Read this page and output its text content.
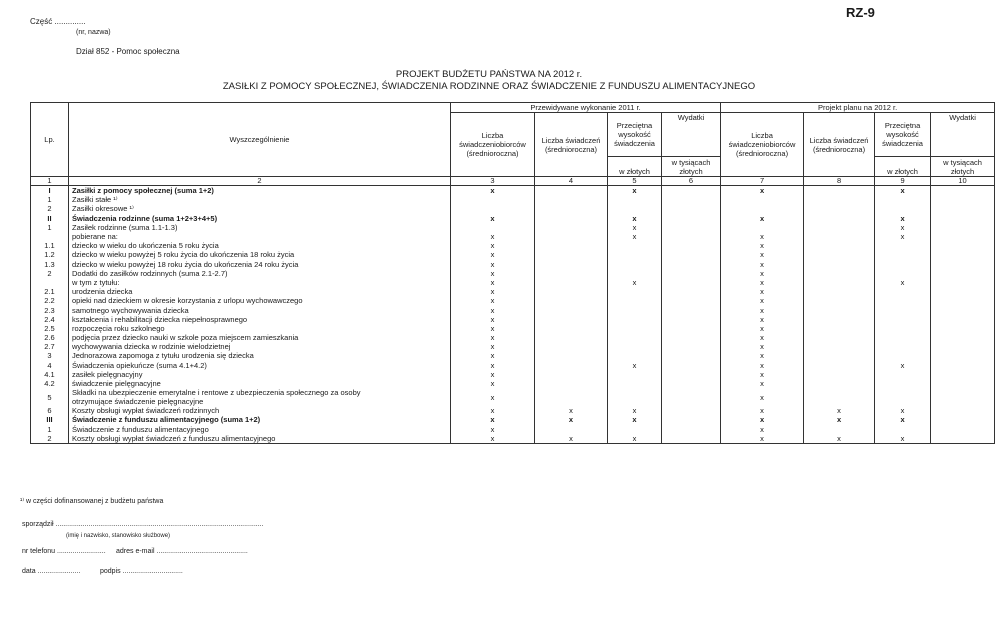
RZ-9
Część ..............
(nr, nazwa)
Dział 852 - Pomoc społeczna
PROJEKT BUDŻETU PAŃSTWA NA 2012 r.
ZASIŁKI Z POMOCY SPOŁECZNEJ, ŚWIADCZENIA RODZINNE ORAZ ŚWIADCZENIE Z FUNDUSZU ALIMENTACYJNEGO
Lp.	Wyszczególnienie	Przewidywane wykonanie 2011 r.				Projekt planu na 2012 r.			
		Liczba świadczeniobiorców (średnioroczna)	Liczba świadczeń (średnioroczna)	Przeciętna wysokość świadczenia	Wydatki	Liczba świadczeniobiorców (średnioroczna)	Liczba świadczeń (średnioroczna)	Przeciętna wysokość świadczenia	Wydatki
				w złotych	w tysiącach złotych			w złotych	w tysiącach złotych
1	2	3	4	5	6	7	8	9	10
I	Zasiłki z pomocy społecznej (suma 1+2)	x		x		x		x	
1	Zasiłki stałe ¹⁾								
2	Zasiłki okresowe ¹⁾								
II	Świadczenia rodzinne (suma 1+2+3+4+5)	x		x		x		x	
1	Zasiłek rodzinne (suma 1.1-1.3)			x				x	
	pobierane na:	x		x		x		x	
1.1	dziecko w wieku do ukończenia 5 roku życia	x				x			
1.2	dziecko w wieku powyżej 5 roku życia do ukończenia 18 roku życia	x				x			
1.3	dziecko w wieku powyżej 18 roku życia do ukończenia 24 roku życia	x				x			
2	Dodatki do zasiłków rodzinnych (suma 2.1-2.7)	x				x			
	w tym z tytułu:	x		x		x		x	
2.1	urodzenia dziecka	x				x			
2.2	opieki nad dzieckiem w okresie korzystania z urlopu wychowawczego	x				x			
2.3	samotnego wychowywania dziecka	x				x			
2.4	kształcenia i rehabilitacji dziecka niepełnosprawnego	x				x			
2.5	rozpoczęcia roku szkolnego	x				x			
2.6	podjęcia przez dziecko nauki w szkole poza miejscem zamieszkania	x				x			
2.7	wychowywania dziecka w rodzinie wielodzietnej	x				x			
3	Jednorazowa zapomoga z tytułu urodzenia się dziecka	x				x			
4	Świadczenia opiekuńcze (suma 4.1+4.2)	x		x		x		x	
4.1	zasiłek pielęgnacyjny	x				x			
4.2	świadczenie pielęgnacyjne	x				x			
5	Składki na ubezpieczenie emerytalne i rentowe z ubezpieczenia społecznego za osoby
otrzymujące świadczenie pielęgnacyjne	x				x			
6	Koszty obsługi wypłat świadczeń rodzinnych	x	x	x		x	x	x	
III	Świadczenie z funduszu alimentacyjnego (suma 1+2)	x	x	x		x	x	x	
1	Świadczenie z funduszu alimentacyjnego	x				x			
2	Koszty obsługi wypłat świadczeń z funduszu alimentacyjnego	x	x	x		x	x	x	
¹⁾ w części dofinansowanej z budżetu państwa
sporządził ...........................................................................................................
(imię i nazwisko, stanowisko służbowe)
nr telefonu ......................... adres e-mail ...............................................
data ......................	podpis ...............................
